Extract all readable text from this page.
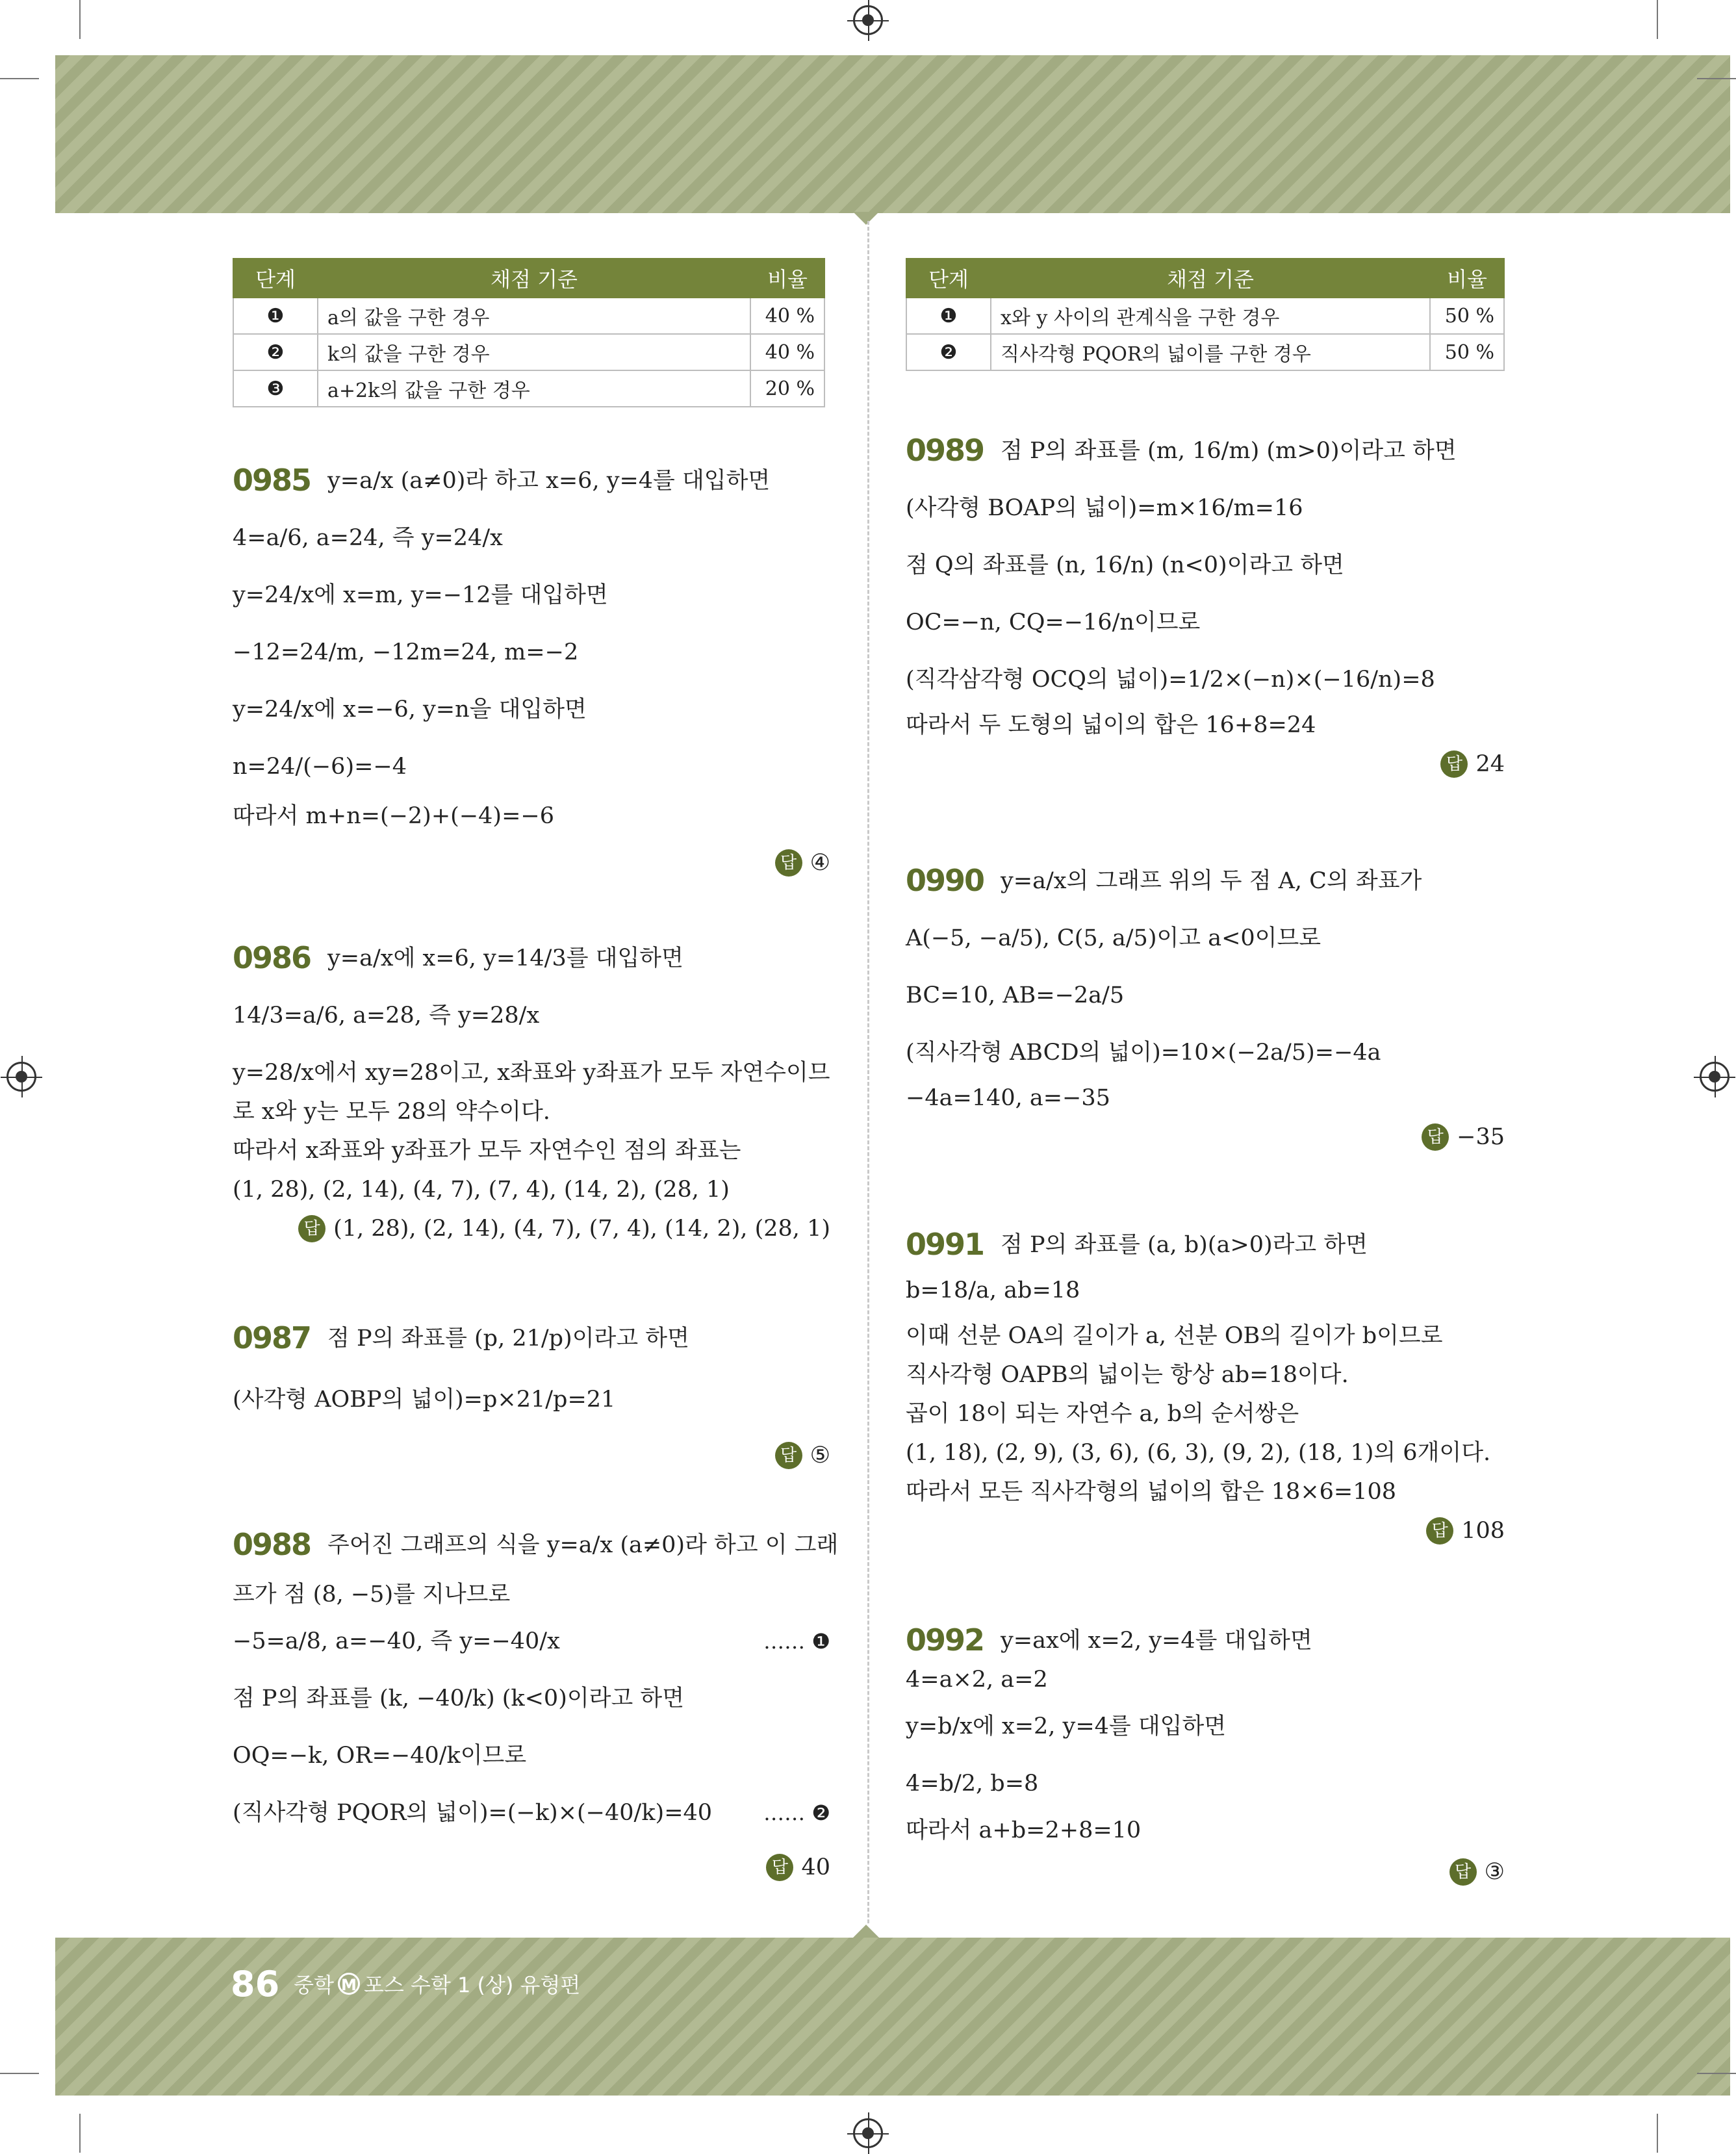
86 중학 M 포스 수학 1 (상) 유형편
단계	채점 기준	비율
❶	a의 값을 구한 경우	40 %
❷	k의 값을 구한 경우	40 %
❸	a+2k의 값을 구한 경우	20 %
단계	채점 기준	비율
❶	x와 y 사이의 관계식을 구한 경우	50 %
❷	직사각형 PQOR의 넓이를 구한 경우	50 %
0985 y=a/x (a≠0)라 하고 x=6, y=4를 대입하면
4=a/6, a=24, 즉 y=24/x
y=24/x에 x=m, y=−12를 대입하면
−12=24/m, −12m=24, m=−2
y=24/x에 x=−6, y=n을 대입하면
n=24/(−6)=−4
따라서 m+n=(−2)+(−4)=−6
답 ④
0986 y=a/x에 x=6, y=14/3를 대입하면
14/3=a/6, a=28, 즉 y=28/x
y=28/x에서 xy=28이고, x좌표와 y좌표가 모두 자연수이므
로 x와 y는 모두 28의 약수이다.
따라서 x좌표와 y좌표가 모두 자연수인 점의 좌표는
(1, 28), (2, 14), (4, 7), (7, 4), (14, 2), (28, 1)
답 (1, 28), (2, 14), (4, 7), (7, 4), (14, 2), (28, 1)
0987 점 P의 좌표를 (p, 21/p)이라고 하면
(사각형 AOBP의 넓이)=p×21/p=21
답 ⑤
0988 주어진 그래프의 식을 y=a/x (a≠0)라 하고 이 그래
프가 점 (8, −5)를 지나므로
−5=a/8, a=−40, 즉 y=−40/x	…… ❶
점 P의 좌표를 (k, −40/k) (k<0)이라고 하면
OQ=−k, OR=−40/k이므로
(직사각형 PQOR의 넓이)=(−k)×(−40/k)=40 …… ❷
답 40
0989 점 P의 좌표를 (m, 16/m) (m>0)이라고 하면
(사각형 BOAP의 넓이)=m×16/m=16
점 Q의 좌표를 (n, 16/n) (n<0)이라고 하면
OC=−n, CQ=−16/n이므로
(직각삼각형 OCQ의 넓이)=1/2×(−n)×(−16/n)=8
따라서 두 도형의 넓이의 합은 16+8=24
답 24
0990 y=a/x의 그래프 위의 두 점 A, C의 좌표가
A(−5, −a/5), C(5, a/5)이고 a<0이므로
BC=10, AB=−2a/5
(직사각형 ABCD의 넓이)=10×(−2a/5)=−4a
−4a=140, a=−35
답 −35
0991 점 P의 좌표를 (a, b)(a>0)라고 하면
b=18/a, ab=18
이때 선분 OA의 길이가 a, 선분 OB의 길이가 b이므로
직사각형 OAPB의 넓이는 항상 ab=18이다.
곱이 18이 되는 자연수 a, b의 순서쌍은
(1, 18), (2, 9), (3, 6), (6, 3), (9, 2), (18, 1)의 6개이다.
따라서 모든 직사각형의 넓이의 합은 18×6=108
답 108
0992 y=ax에 x=2, y=4를 대입하면
4=a×2, a=2
y=b/x에 x=2, y=4를 대입하면
4=b/2, b=8
따라서 a+b=2+8=10
답 ③
